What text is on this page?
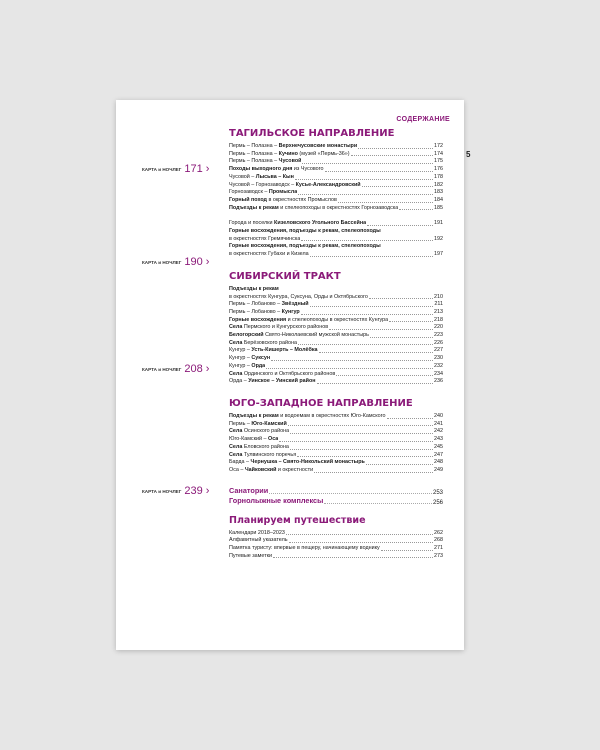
СОДЕРЖАНИЕ
5
КАРТА и НОЧЛЕГ 171 ›
КАРТА и НОЧЛЕГ 190 ›
КАРТА и НОЧЛЕГ 208 ›
КАРТА и НОЧЛЕГ 239 ›
ТАГИЛЬСКОЕ НАПРАВЛЕНИЕ
Пермь – Полазна – Верхнечусовские монастыри	172
Пермь – Полазна – Кучино (музей «Пермь-36»)	174
Пермь – Полазна – Чусовой	175
Походы выходного дня из Чусового	176
Чусовой – Лысьва – Кын	178
Чусовой – Горнозаводск – Кусье-Александровский	182
Горнозаводск – Промысла	183
Горный поход в окрестностях Промыслов	184
Подъезды к рекам и спелеопоходы в окрестностях Горнозаводска	185
Города и поселки Кизеловского Угольного Бассейна	191
Горные восхождения, подъезды к рекам, спелеопоходы
в окрестностях Гремячинска	192
Горные восхождения, подъезды к рекам, спелеопоходы
в окрестностях Губахи и Кизела	197
СИБИРСКИЙ ТРАКТ
Подъезды к рекам
в окрестностях Кунгура, Суксуна, Орды и Октябрьского	210
Пермь – Лобаново – Звёздный	211
Пермь – Лобаново – Кунгур	213
Горные восхождения и спелеопоходы в окрестностях Кунгура	218
Села Пермского и Кунгурского районов	220
Белогорский Свято-Николаевский мужской монастырь	223
Села Берёзовского района	226
Кунгур – Усть-Кишерть – Молёбка	227
Кунгур – Суксун	230
Кунгур – Орда	232
Села Ординского и Октябрьского районов	234
Орда – Уинское – Уинский район	236
ЮГО-ЗАПАДНОЕ НАПРАВЛЕНИЕ
Подъезды к рекам и водоемам в окрестностях Юго-Камского	240
Пермь – Юго-Камский	241
Села Осинского района	242
Юго-Камский – Оса	243
Села Еловского района	245
Села Тулвинского поречья	247
Барда – Чернушка – Свято-Никольский монастырь	248
Оса – Чайковский и окрестности	249
Санатории	253
Горнолыжные комплексы	256
Планируем путешествие
Календари 2018–2023	262
Алфавитный указатель	268
Памятка туристу: впервые в пещеру, начинающему воднику	271
Путевые заметки	273
